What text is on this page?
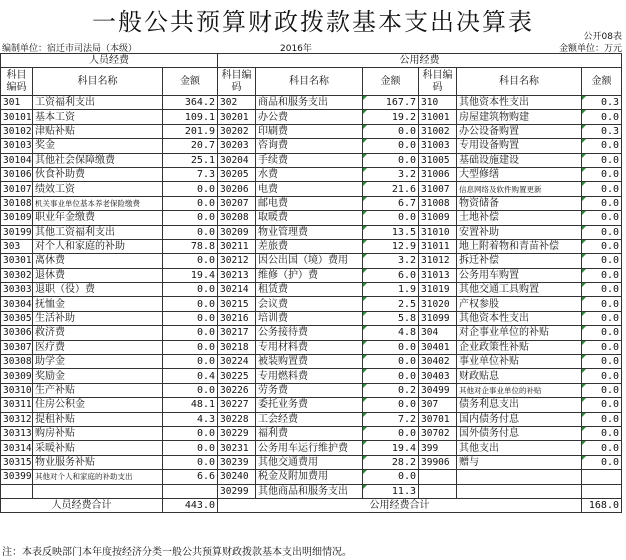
一般公共预算财政拨款基本支出决算表
公开08表
编制单位：宿迁市司法局（本级）	2016年	金额单位：万元
人员经费			公用经费					
科目编码	科目名称	金额	科目编码	科目名称	金额	科目编码	科目名称	金额
301	工资福利支出	364.2	302	商品和服务支出	167.7	310	其他资本性支出	0.3
30101	基本工资	109.1	30201	办公费	19.2	31001	房屋建筑物购建	0.0
30102	津贴补贴	201.9	30202	印刷费	0.0	31002	办公设备购置	0.3
30103	奖金	20.7	30203	咨询费	0.0	31003	专用设备购置	0.0
30104	其他社会保障缴费	25.1	30204	手续费	0.0	31005	基础设施建设	0.0
30106	伙食补助费	7.3	30205	水费	3.2	31006	大型修缮	0.0
30107	绩效工资	0.0	30206	电费	21.6	31007	信息网络及软件购置更新	0.0
30108	机关事业单位基本养老保险缴费	0.0	30207	邮电费	6.7	31008	物资储备	0.0
30109	职业年金缴费	0.0	30208	取暖费	0.0	31009	土地补偿	0.0
30199	其他工资福利支出	0.0	30209	物业管理费	13.5	31010	安置补助	0.0
303	对个人和家庭的补助	78.8	30211	差旅费	12.9	31011	地上附着物和青苗补偿	0.0
30301	离休费	0.0	30212	因公出国（境）费用	3.2	31012	拆迁补偿	0.0
30302	退休费	19.4	30213	维修（护）费	6.0	31013	公务用车购置	0.0
30303	退职（役）费	0.0	30214	租赁费	1.9	31019	其他交通工具购置	0.0
30304	抚恤金	0.0	30215	会议费	2.5	31020	产权参股	0.0
30305	生活补助	0.0	30216	培训费	5.8	31099	其他资本性支出	0.0
30306	救济费	0.0	30217	公务接待费	4.8	304	对企事业单位的补贴	0.0
30307	医疗费	0.0	30218	专用材料费	0.0	30401	企业政策性补贴	0.0
30308	助学金	0.0	30224	被装购置费	0.0	30402	事业单位补贴	0.0
30309	奖励金	0.4	30225	专用燃料费	0.0	30403	财政贴息	0.0
30310	生产补贴	0.0	30226	劳务费	0.2	30499	其他对企事业单位的补贴	0.0
30311	住房公积金	48.1	30227	委托业务费	0.0	307	债务利息支出	0.0
30312	提租补贴	4.3	30228	工会经费	7.2	30701	国内债务付息	0.0
30313	购房补贴	0.0	30229	福利费	0.0	30702	国外债务付息	0.0
30314	采暖补贴	0.0	30231	公务用车运行维护费	19.4	399	其他支出	0.0
30315	物业服务补贴	0.0	30239	其他交通费用	28.2	39906	赠与	0.0
30399	其他对个人和家庭的补助支出	6.6	30240	税金及附加费用	0.0			
			30299	其他商品和服务支出	11.3			
人员经费合计		443.0	公用经费合计					168.0
注：本表反映部门本年度按经济分类一般公共预算财政拨款基本支出明细情况。
